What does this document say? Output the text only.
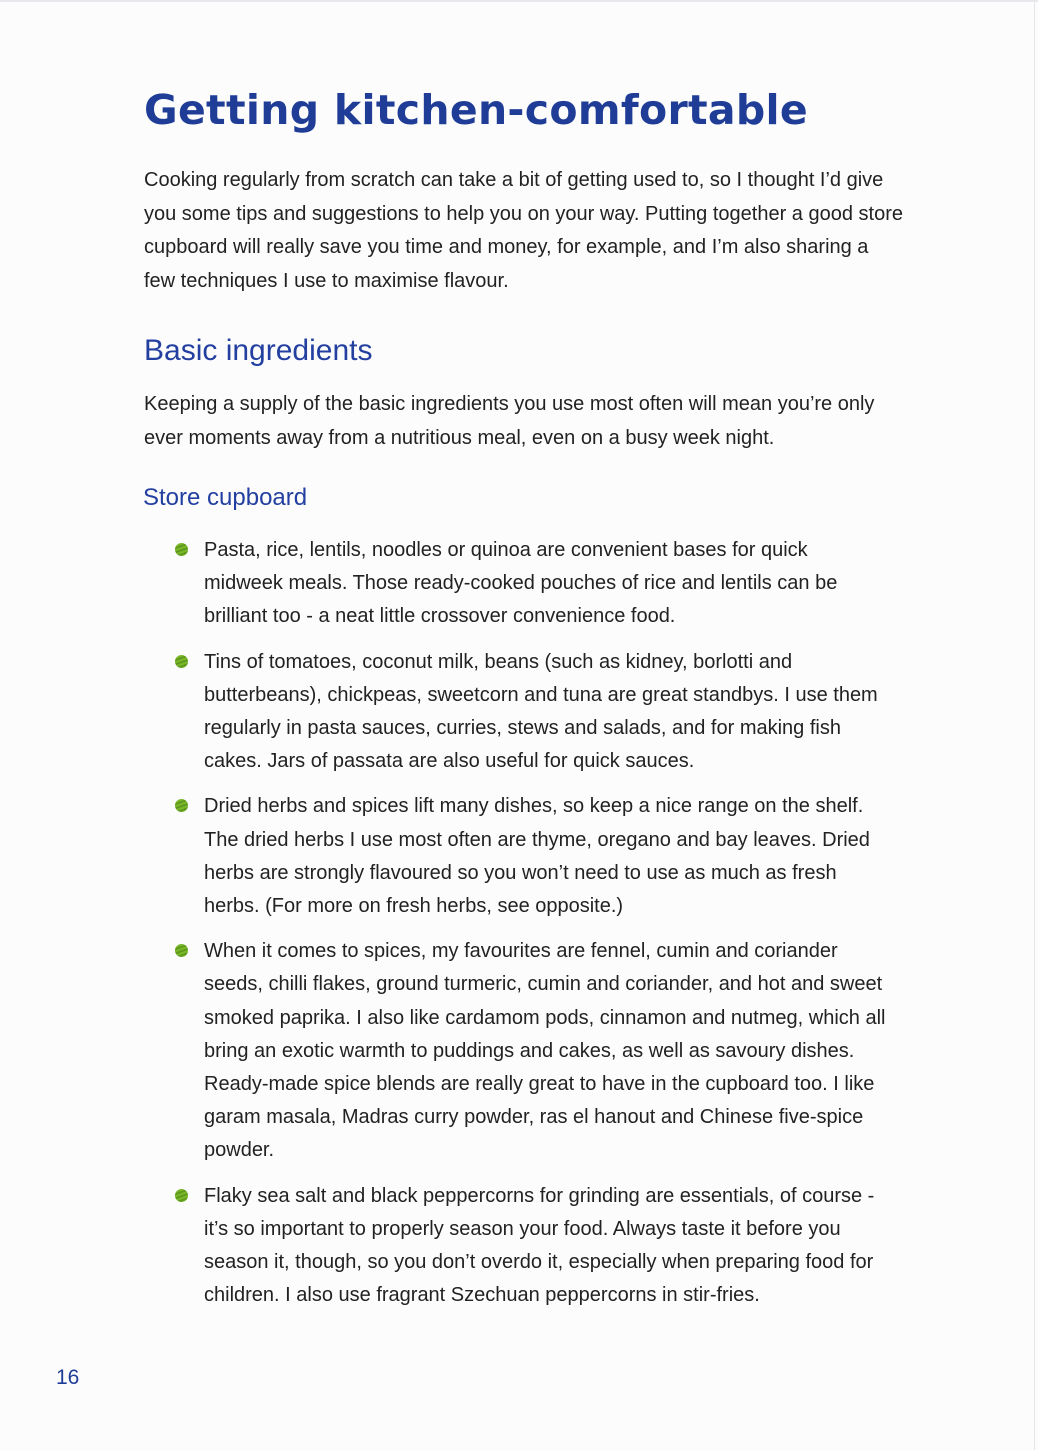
Getting kitchen-comfortable

Cooking regularly from scratch can take a bit of getting used to, so I thought I’d give you some tips and suggestions to help you on your way. Putting together a good store cupboard will really save you time and money, for example, and I’m also sharing a few techniques I use to maximise flavour.

Basic ingredients

Keeping a supply of the basic ingredients you use most often will mean you’re only ever moments away from a nutritious meal, even on a busy week night.

Store cupboard
Pasta, rice, lentils, noodles or quinoa are convenient bases for quick midweek meals. Those ready-cooked pouches of rice and lentils can be brilliant too - a neat little crossover convenience food.
Tins of tomatoes, coconut milk, beans (such as kidney, borlotti and butterbeans), chickpeas, sweetcorn and tuna are great standbys. I use them regularly in pasta sauces, curries, stews and salads, and for making fish cakes. Jars of passata are also useful for quick sauces.
Dried herbs and spices lift many dishes, so keep a nice range on the shelf. The dried herbs I use most often are thyme, oregano and bay leaves. Dried herbs are strongly flavoured so you won’t need to use as much as fresh herbs. (For more on fresh herbs, see opposite.)
When it comes to spices, my favourites are fennel, cumin and coriander seeds, chilli flakes, ground turmeric, cumin and coriander, and hot and sweet smoked paprika. I also like cardamom pods, cinnamon and nutmeg, which all bring an exotic warmth to puddings and cakes, as well as savoury dishes. Ready-made spice blends are really great to have in the cupboard too. I like garam masala, Madras curry powder, ras el hanout and Chinese five-spice powder.
Flaky sea salt and black peppercorns for grinding are essentials, of course - it’s so important to properly season your food. Always taste it before you season it, though, so you don’t overdo it, especially when preparing food for children. I also use fragrant Szechuan peppercorns in stir-fries.
16
